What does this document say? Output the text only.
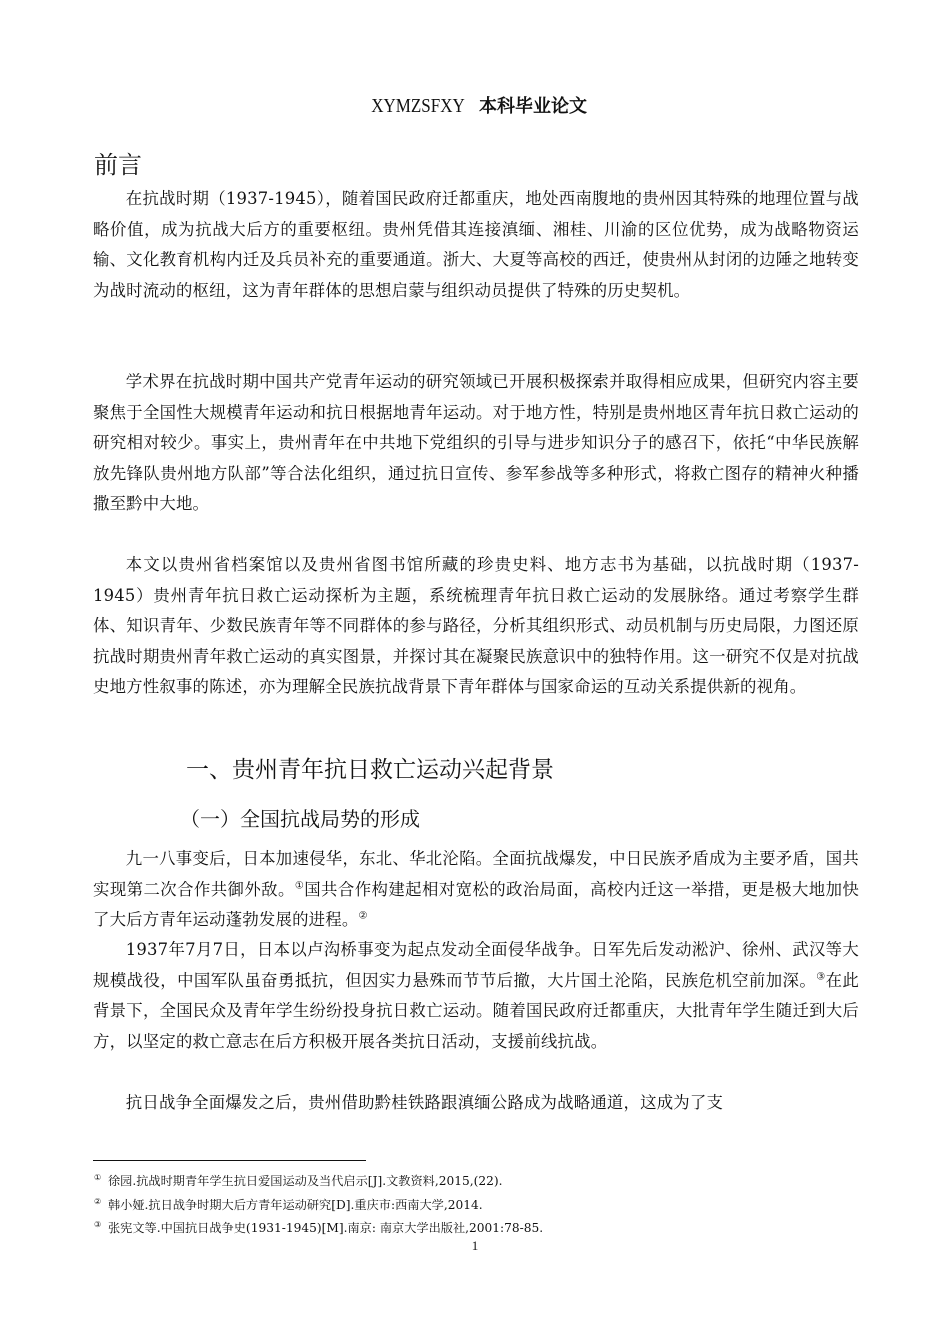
XYMZSFXY 本科毕业论文
前言

在抗战时期（1937-1945），随着国民政府迁都重庆，地处西南腹地的贵州因其特殊的地理位置与战略价值，成为抗战大后方的重要枢纽。贵州凭借其连接滇缅、湘桂、川渝的区位优势，成为战略物资运输、文化教育机构内迁及兵员补充的重要通道。浙大、大夏等高校的西迁，使贵州从封闭的边陲之地转变为战时流动的枢纽，这为青年群体的思想启蒙与组织动员提供了特殊的历史契机。

学术界在抗战时期中国共产党青年运动的研究领域已开展积极探索并取得相应成果，但研究内容主要聚焦于全国性大规模青年运动和抗日根据地青年运动。对于地方性，特别是贵州地区青年抗日救亡运动的研究相对较少。事实上，贵州青年在中共地下党组织的引导与进步知识分子的感召下，依托“中华民族解放先锋队贵州地方队部”等合法化组织，通过抗日宣传、参军参战等多种形式，将救亡图存的精神火种播撒至黔中大地。

本文以贵州省档案馆以及贵州省图书馆所藏的珍贵史料、地方志书为基础，以抗战时期（1937-1945）贵州青年抗日救亡运动探析为主题，系统梳理青年抗日救亡运动的发展脉络。通过考察学生群体、知识青年、少数民族青年等不同群体的参与路径，分析其组织形式、动员机制与历史局限，力图还原抗战时期贵州青年救亡运动的真实图景，并探讨其在凝聚民族意识中的独特作用。这一研究不仅是对抗战史地方性叙事的陈述，亦为理解全民族抗战背景下青年群体与国家命运的互动关系提供新的视角。

一、贵州青年抗日救亡运动兴起背景
（一）全国抗战局势的形成

九一八事变后，日本加速侵华，东北、华北沦陷。全面抗战爆发，中日民族矛盾成为主要矛盾，国共实现第二次合作共御外敌。①国共合作构建起相对宽松的政治局面，高校内迁这一举措，更是极大地加快了大后方青年运动蓬勃发展的进程。②

1937年7月7日，日本以卢沟桥事变为起点发动全面侵华战争。日军先后发动淞沪、徐州、武汉等大规模战役，中国军队虽奋勇抵抗，但因实力悬殊而节节后撤，大片国土沦陷，民族危机空前加深。③在此背景下，全国民众及青年学生纷纷投身抗日救亡运动。随着国民政府迁都重庆，大批青年学生随迁到大后方，以坚定的救亡意志在后方积极开展各类抗日活动，支援前线抗战。

抗日战争全面爆发之后，贵州借助黔桂铁路跟滇缅公路成为战略通道，这成为了支

① 徐园.抗战时期青年学生抗日爱国运动及当代启示[J].文教资料,2015,(22).
② 韩小娅.抗日战争时期大后方青年运动研究[D].重庆市:西南大学,2014.
③ 张宪文等.中国抗日战争史(1931-1945)[M].南京: 南京大学出版社,2001:78-85.
1
